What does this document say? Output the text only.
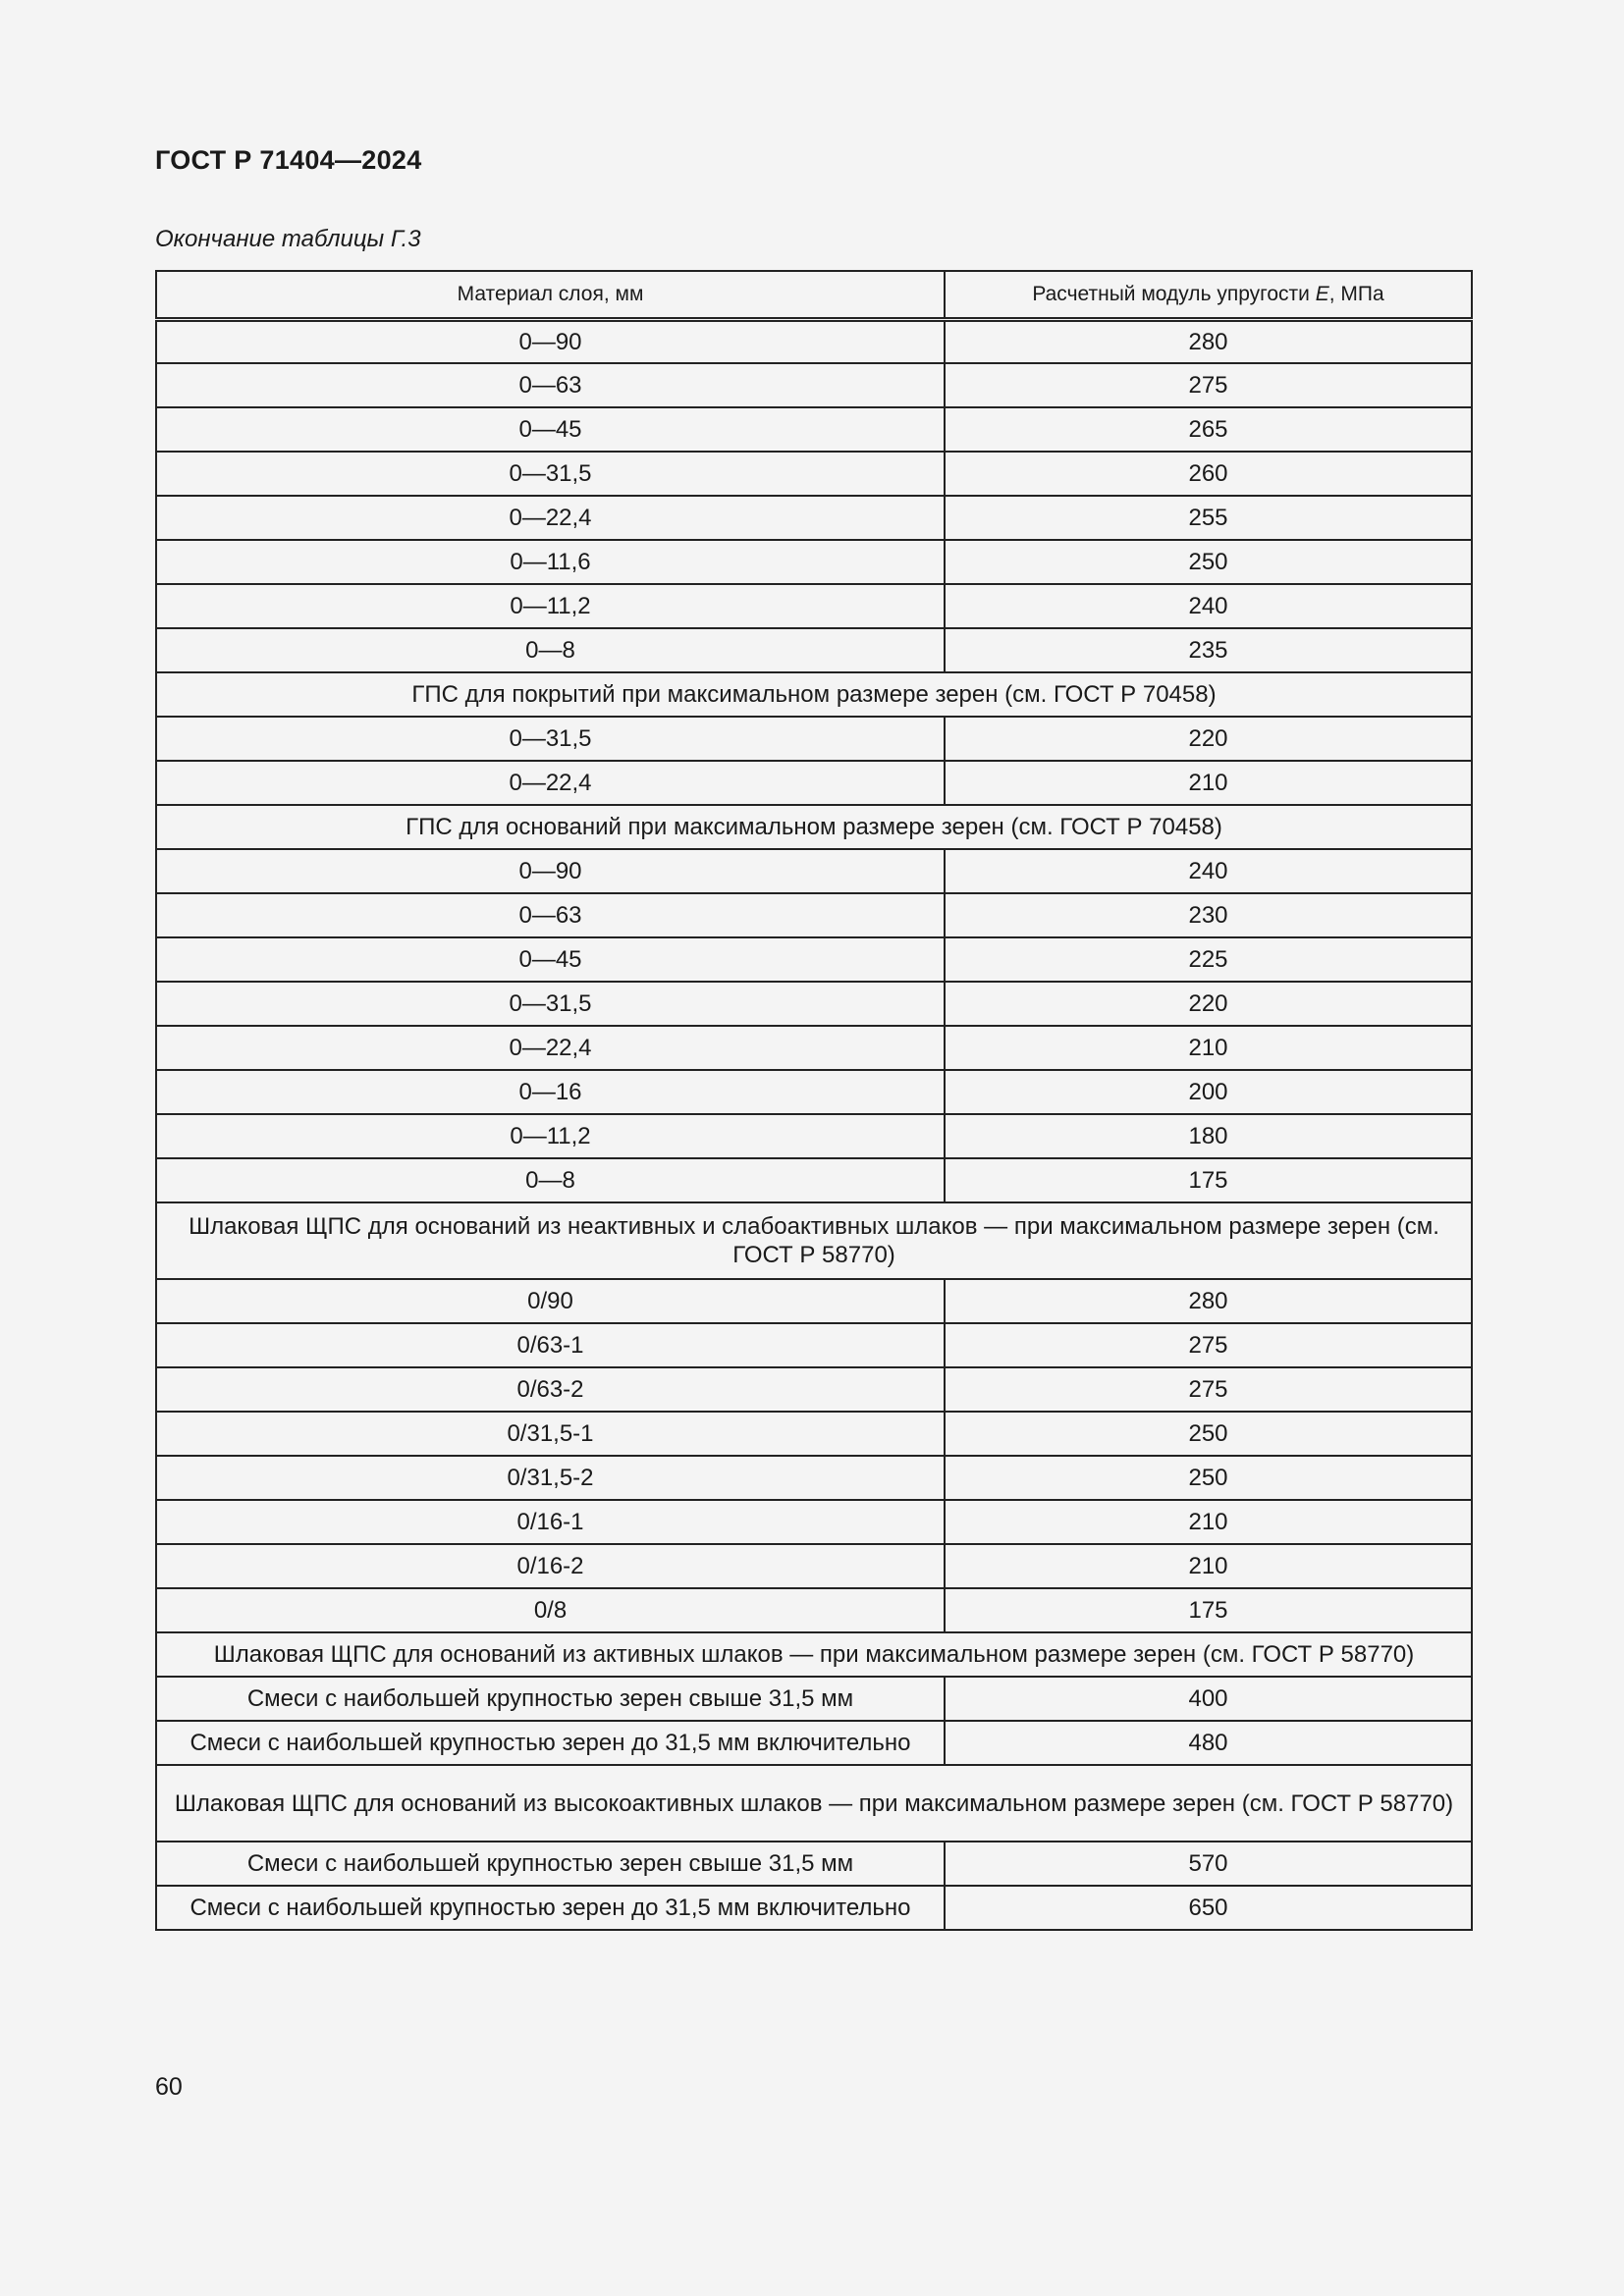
ГОСТ Р 71404—2024
Окончание таблицы Г.3
Материал слоя, мм	Расчетный модуль упругости E, МПа
0—90	280
0—63	275
0—45	265
0—31,5	260
0—22,4	255
0—11,6	250
0—11,2	240
0—8	235
ГПС для покрытий при максимальном размере зерен (см. ГОСТ Р 70458)	
0—31,5	220
0—22,4	210
ГПС для оснований при максимальном размере зерен (см. ГОСТ Р 70458)	
0—90	240
0—63	230
0—45	225
0—31,5	220
0—22,4	210
0—16	200
0—11,2	180
0—8	175
Шлаковая ЩПС для оснований из неактивных и слабоактивных шлаков — при максимальном размере зерен (см. ГОСТ Р 58770)	
0/90	280
0/63-1	275
0/63-2	275
0/31,5-1	250
0/31,5-2	250
0/16-1	210
0/16-2	210
0/8	175
Шлаковая ЩПС для оснований из активных шлаков — при максимальном размере зерен (см. ГОСТ Р 58770)	
Смеси с наибольшей крупностью зерен свыше 31,5 мм	400
Смеси с наибольшей крупностью зерен до 31,5 мм включительно	480
Шлаковая ЩПС для оснований из высокоактивных шлаков — при максимальном размере зерен (см. ГОСТ Р 58770)	
Смеси с наибольшей крупностью зерен свыше 31,5 мм	570
Смеси с наибольшей крупностью зерен до 31,5 мм включительно	650
60
